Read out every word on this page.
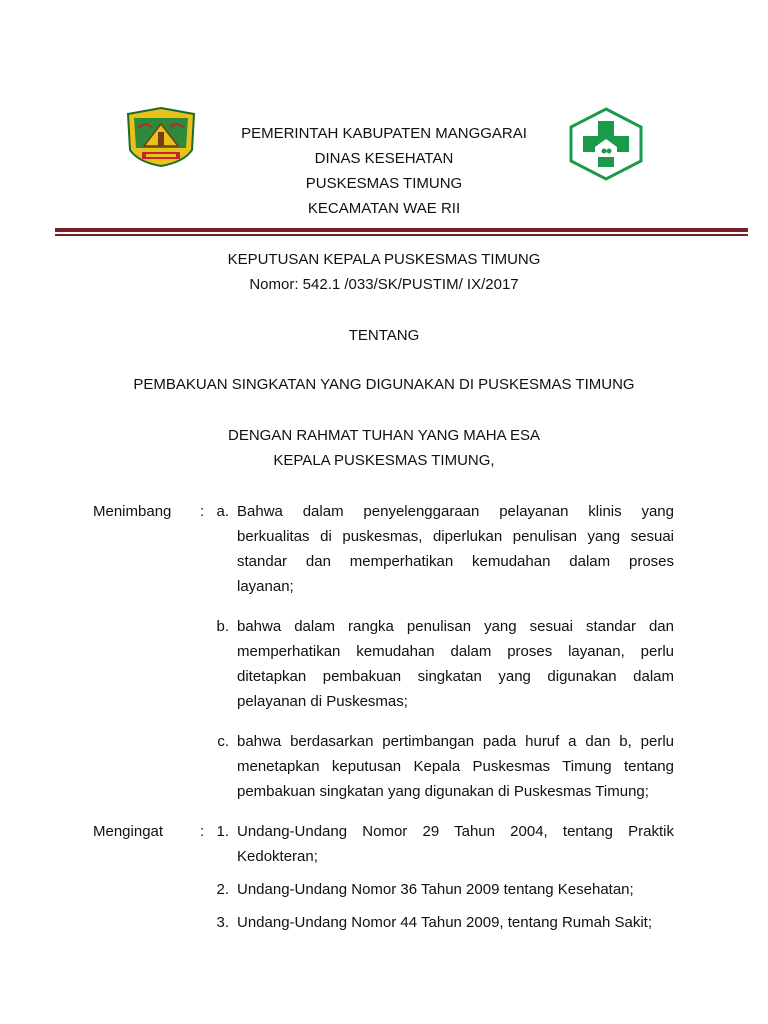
PEMERINTAH KABUPATEN MANGGARAI
DINAS KESEHATAN
PUSKESMAS TIMUNG
KECAMATAN WAE RII
KEPUTUSAN KEPALA PUSKESMAS TIMUNG
Nomor: 542.1 /033/SK/PUSTIM/ IX/2017
TENTANG
PEMBAKUAN SINGKATAN YANG DIGUNAKAN DI PUSKESMAS TIMUNG
DENGAN RAHMAT TUHAN YANG MAHA ESA
KEPALA PUSKESMAS TIMUNG,
Menimbang : a. Bahwa dalam penyelenggaraan pelayanan klinis yang
berkualitas di puskesmas, diperlukan penulisan yang sesuai
standar dan memperhatikan kemudahan dalam proses
layanan;
b. bahwa dalam rangka penulisan yang sesuai standar dan
memperhatikan kemudahan dalam proses layanan, perlu
ditetapkan pembakuan singkatan yang digunakan dalam
pelayanan di Puskesmas;
c. bahwa berdasarkan pertimbangan pada huruf a dan b, perlu
menetapkan keputusan Kepala Puskesmas Timung tentang
pembakuan singkatan yang digunakan di Puskesmas Timung;
Mengingat : 1. Undang-Undang Nomor 29 Tahun 2004, tentang Praktik
Kedokteran;
2. Undang-Undang Nomor 36 Tahun 2009 tentang Kesehatan;
3. Undang-Undang Nomor 44 Tahun 2009, tentang Rumah Sakit;
